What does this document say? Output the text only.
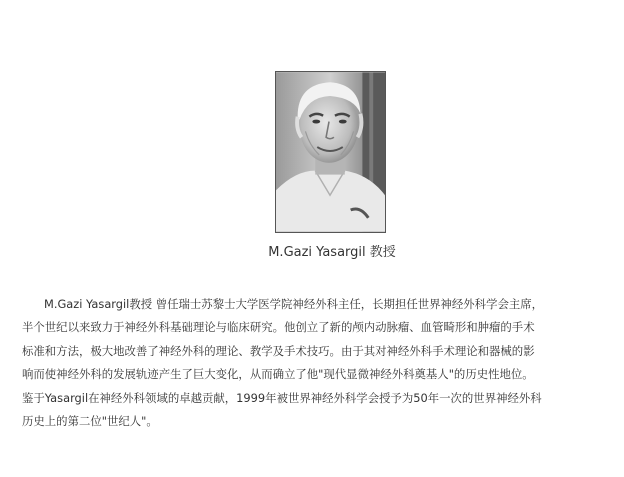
M.Gazi Yasargil 教授

M.Gazi Yasargil教授 曾任瑞士苏黎士大学医学院神经外科主任，长期担任世界神经外科学会主席，
半个世纪以来致力于神经外科基础理论与临床研究。他创立了新的颅内动脉瘤、血管畸形和肿瘤的手术
标准和方法，极大地改善了神经外科的理论、教学及手术技巧。由于其对神经外科手术理论和器械的影
响而使神经外科的发展轨迹产生了巨大变化，从而确立了他"现代显微神经外科奠基人"的历史性地位。
鉴于Yasargil在神经外科领域的卓越贡献，1999年被世界神经外科学会授予为50年一次的世界神经外科
历史上的第二位"世纪人"。
